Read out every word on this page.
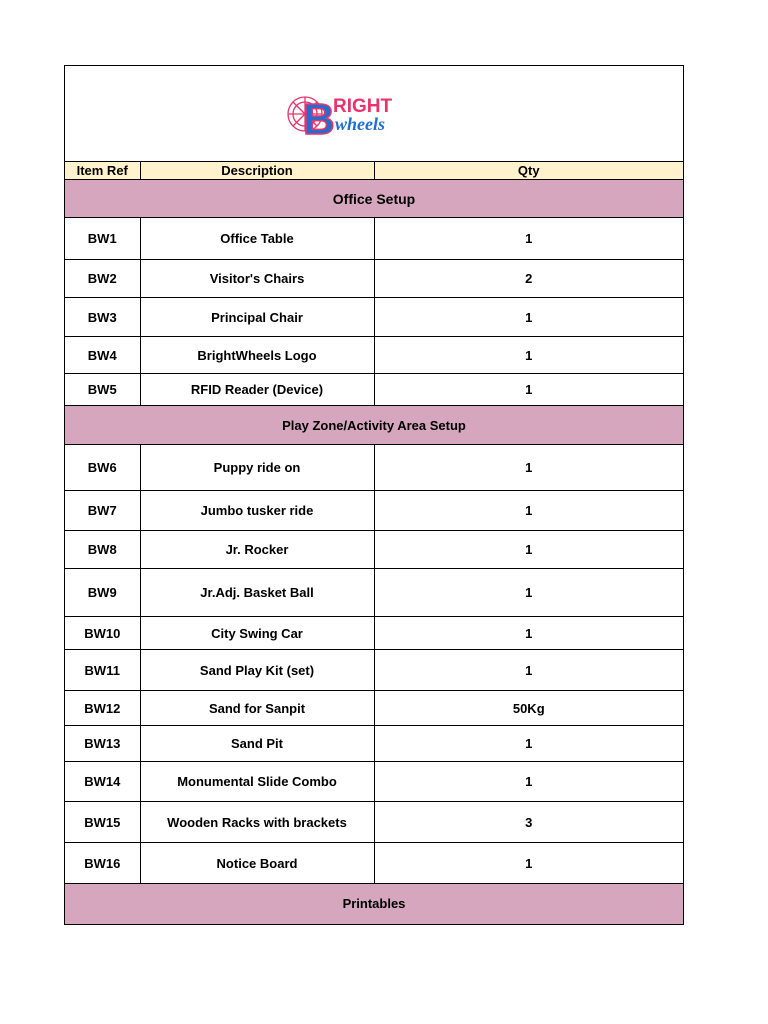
B
RIGHT
wheels
Item Ref	Description	Qty
Office Setup		
BW1	Office Table	1
BW2	Visitor's Chairs	2
BW3	Principal Chair	1
BW4	BrightWheels Logo	1
BW5	RFID Reader (Device)	1
Play Zone/Activity Area Setup		
BW6	Puppy ride on	1
BW7	Jumbo tusker ride	1
BW8	Jr. Rocker	1
BW9	Jr.Adj. Basket Ball	1
BW10	City Swing Car	1
BW11	Sand Play Kit (set)	1
BW12	Sand for Sanpit	50Kg
BW13	Sand Pit	1
BW14	Monumental Slide Combo	1
BW15	Wooden Racks with brackets	3
BW16	Notice Board	1
Printables		
